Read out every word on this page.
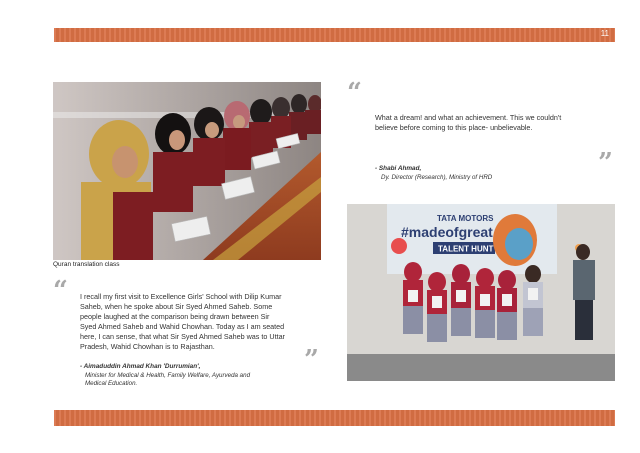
11
Quran translation class
“
What a dream! and what an achievement. This we couldn't
believe before coming to this place- unbelievable.
”
- Shabi Ahmad,
Dy. Director (Research), Ministry of HRD
TATA MOTORS
#madeofgreat
TALENT HUNT
“ I recall my first visit to Excellence Girls' School with Dilip Kumar
Saheb, when he spoke about Sir Syed Ahmed Saheb. Some
people laughed at the comparison being drawn between Sir
Syed Ahmed Saheb and Wahid Chowhan. Today as I am seated
here, I can sense, that what Sir Syed Ahmed Saheb was to Uttar
Pradesh, Wahid Chowhan is to Rajasthan.	”
- Aimaduddin Ahmad Khan 'Durrumian',
Minister for Medical & Health, Family Welfare, Ayurveda and
Medical Education.
